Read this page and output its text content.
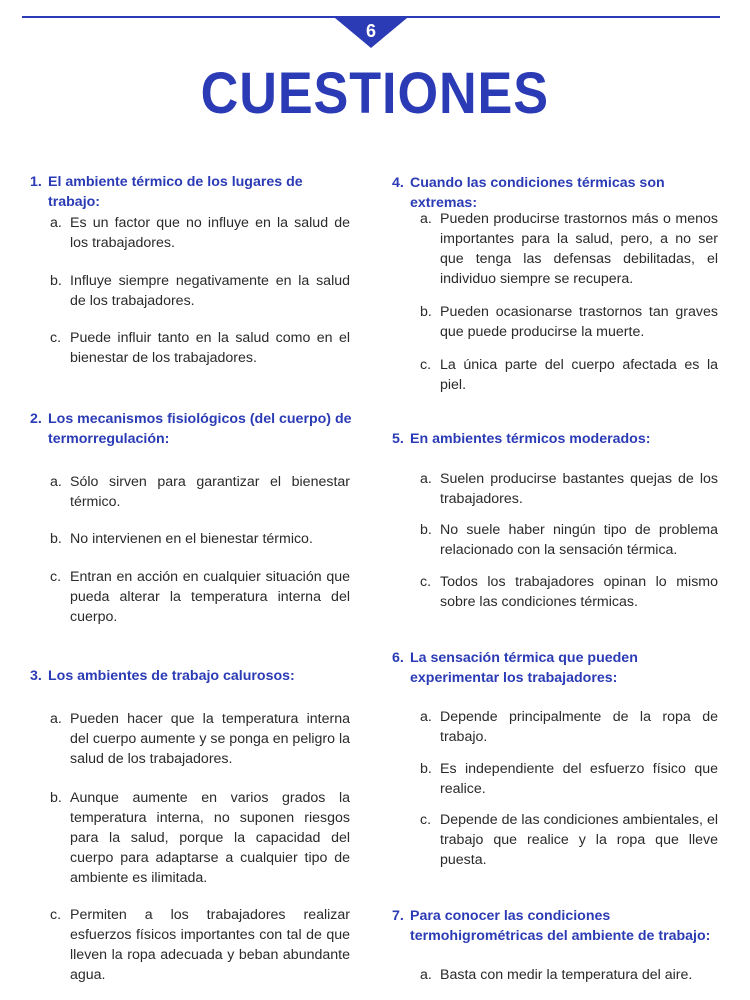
6
CUESTIONES
1. El ambiente térmico de los lugares de trabajo:
a. Es un factor que no influye en la salud de los trabajadores.
b. Influye siempre negativamente en la salud de los trabajadores.
c. Puede influir tanto en la salud como en el bienestar de los trabajadores.
2. Los mecanismos fisiológicos (del cuerpo) de termorregulación:
a. Sólo sirven para garantizar el bienestar térmico.
b. No intervienen en el bienestar térmico.
c. Entran en acción en cualquier situación que pueda alterar la temperatura interna del cuerpo.
3. Los ambientes de trabajo calurosos:
a. Pueden hacer que la temperatura interna del cuerpo aumente y se ponga en peligro la salud de los trabajadores.
b. Aunque aumente en varios grados la temperatura interna, no suponen riesgos para la salud, porque la capacidad del cuerpo para adaptarse a cualquier tipo de ambiente es ilimitada.
c. Permiten a los trabajadores realizar esfuerzos físicos importantes con tal de que lleven la ropa adecuada y beban abundante agua.
4. Cuando las condiciones térmicas son extremas:
a. Pueden producirse trastornos más o menos importantes para la salud, pero, a no ser que tenga las defensas debilitadas, el individuo siempre se recupera.
b. Pueden ocasionarse trastornos tan graves que puede producirse la muerte.
c. La única parte del cuerpo afectada es la piel.
5. En ambientes térmicos moderados:
a. Suelen producirse bastantes quejas de los trabajadores.
b. No suele haber ningún tipo de problema relacionado con la sensación térmica.
c. Todos los trabajadores opinan lo mismo sobre las condiciones térmicas.
6. La sensación térmica que pueden experimentar los trabajadores:
a. Depende principalmente de la ropa de trabajo.
b. Es independiente del esfuerzo físico que realice.
c. Depende de las condiciones ambientales, el trabajo que realice y la ropa que lleve puesta.
7. Para conocer las condiciones termohigrométricas del ambiente de trabajo:
a. Basta con medir la temperatura del aire.
